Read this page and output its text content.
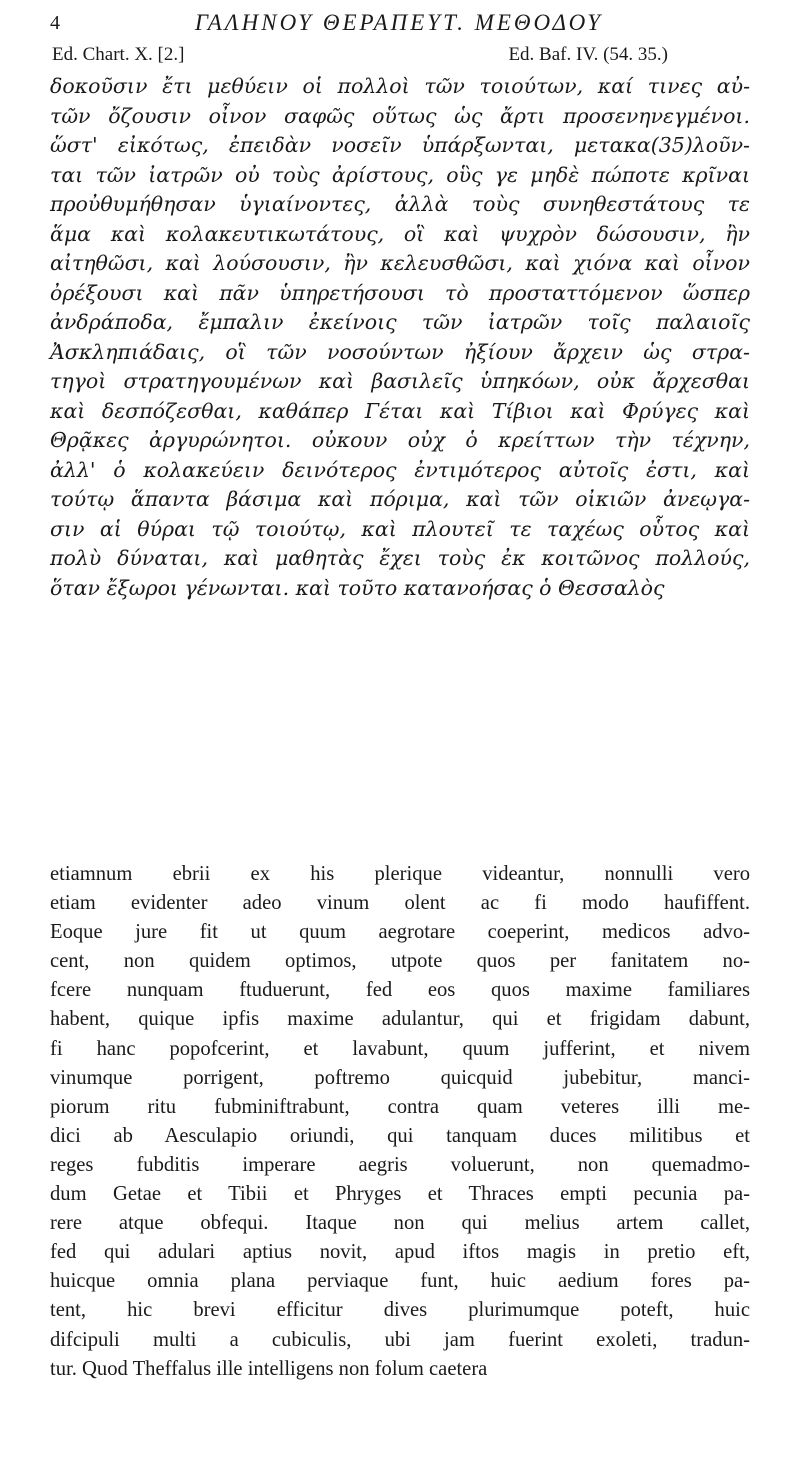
4	ΓΑΛΗΝΟΥ ΘΕΡΑΠΕΥΤ. ΜΕΘΟΔΟΥ
Ed. Chart. X. [2.]	Ed. Baf. IV. (54. 35.)
δοκοῦσιν ἔτι μεθύειν οἱ πολλοὶ τῶν τοιούτων, καί τινες αὐ-
τῶν ὄζουσιν οἶνον σαφῶς οὕτως ὡς ἄρτι προσενηνεγμένοι.
ὥστ' εἰκότως, ἐπειδὰν νοσεῖν ὑπάρξωνται, μετακα(35)λοῦν-
ται τῶν ἰατρῶν οὐ τοὺς ἀρίστους, οὓς γε μηδὲ πώποτε κρῖναι
προὐθυμήθησαν ὑγιαίνοντες, ἀλλὰ τοὺς συνηθεστάτους τε
ἅμα καὶ κολακευτικωτάτους, οἳ καὶ ψυχρὸν δώσουσιν, ἢν
αἰτηθῶσι, καὶ λούσουσιν, ἢν κελευσθῶσι, καὶ χιόνα καὶ οἶνον
ὀρέξουσι καὶ πᾶν ὑπηρετήσουσι τὸ προσταττόμενον ὥσπερ
ἀνδράποδα, ἔμπαλιν ἐκείνοις τῶν ἰατρῶν τοῖς παλαιοῖς
Ἀσκληπιάδαις, οἳ τῶν νοσούντων ἠξίουν ἄρχειν ὡς στρα-
τηγοὶ στρατηγουμένων καὶ βασιλεῖς ὑπηκόων, οὐκ ἄρχεσθαι
καὶ δεσπόζεσθαι, καθάπερ Γέται καὶ Τίβιοι καὶ Φρύγες καὶ
Θρᾷκες ἀργυρώνητοι. οὐκουν οὐχ ὁ κρείττων τὴν τέχνην,
ἀλλ' ὁ κολακεύειν δεινότερος ἐντιμότερος αὐτοῖς ἐστι, καὶ
τούτῳ ἅπαντα βάσιμα καὶ πόριμα, καὶ τῶν οἰκιῶν ἀνεῳγα-
σιν αἱ θύραι τῷ τοιούτῳ, καὶ πλουτεῖ τε ταχέως οὗτος καὶ
πολὺ δύναται, καὶ μαθητὰς ἔχει τοὺς ἐκ κοιτῶνος πολλούς,
ὅταν ἔξωροι γένωνται. καὶ τοῦτο κατανοήσας ὁ Θεσσαλὸς
etiamnum ebrii ex his plerique videantur, nonnulli vero
etiam evidenter adeo vinum olent ac fi modo haufiffent.
Eoque jure fit ut quum aegrotare coeperint, medicos advo-
cent, non quidem optimos, utpote quos per fanitatem no-
fcere nunquam ftuduerunt, fed eos quos maxime familiares
habent, quique ipfis maxime adulantur, qui et frigidam dabunt,
fi hanc popofcerint, et lavabunt, quum jufferint, et nivem
vinumque porrigent, poftremo quicquid jubebitur, manci-
piorum ritu fubminiftrabunt, contra quam veteres illi me-
dici ab Aesculapio oriundi, qui tanquam duces militibus et
reges fubditis imperare aegris voluerunt, non quemadmo-
dum Getae et Tibii et Phryges et Thraces empti pecunia pa-
rere atque obfequi. Itaque non qui melius artem callet,
fed qui adulari aptius novit, apud iftos magis in pretio eft,
huicque omnia plana perviaque funt, huic aedium fores pa-
tent, hic brevi efficitur dives plurimumque poteft, huic
difcipuli multi a cubiculis, ubi jam fuerint exoleti, tradun-
tur. Quod Theffalus ille intelligens non folum caetera
